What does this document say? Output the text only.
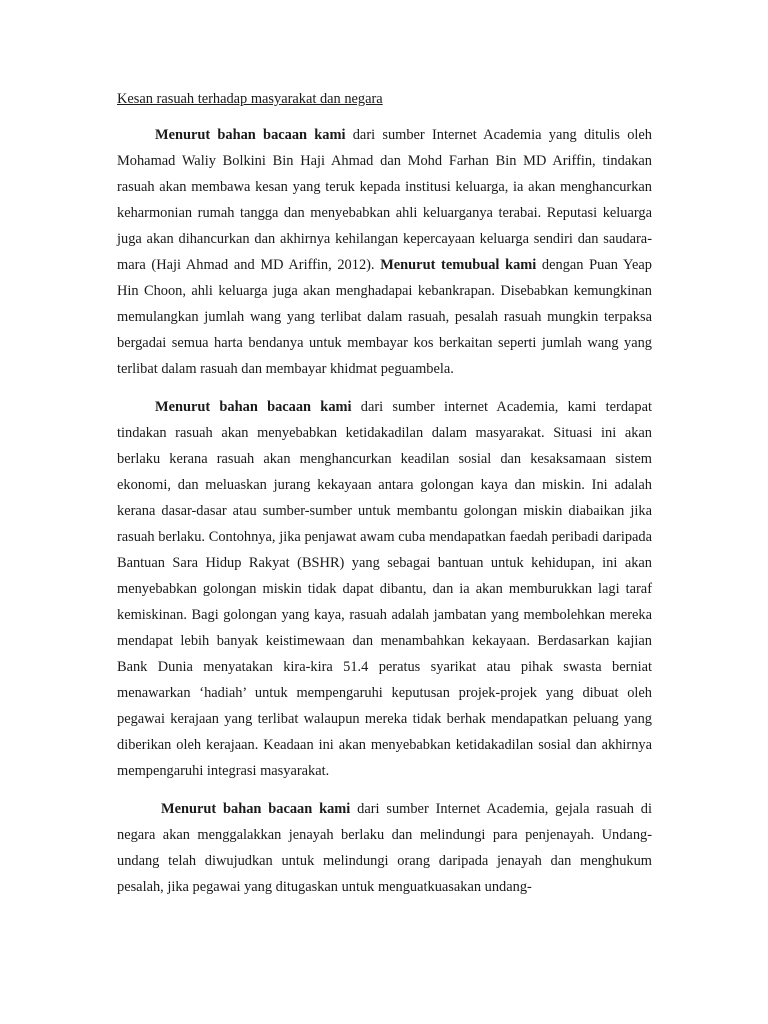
Kesan rasuah terhadap masyarakat dan negara

Menurut bahan bacaan kami dari sumber Internet Academia yang ditulis oleh Mohamad Waliy Bolkini Bin Haji Ahmad dan Mohd Farhan Bin MD Ariffin, tindakan rasuah akan membawa kesan yang teruk kepada institusi keluarga, ia akan menghancurkan keharmonian rumah tangga dan menyebabkan ahli keluarganya terabai. Reputasi keluarga juga akan dihancurkan dan akhirnya kehilangan kepercayaan keluarga sendiri dan saudara-mara (Haji Ahmad and MD Ariffin, 2012). Menurut temubual kami dengan Puan Yeap Hin Choon, ahli keluarga juga akan menghadapai kebankrapan. Disebabkan kemungkinan memulangkan jumlah wang yang terlibat dalam rasuah, pesalah rasuah mungkin terpaksa bergadai semua harta bendanya untuk membayar kos berkaitan seperti jumlah wang yang terlibat dalam rasuah dan membayar khidmat peguambela.

Menurut bahan bacaan kami dari sumber internet Academia, kami terdapat tindakan rasuah akan menyebabkan ketidakadilan dalam masyarakat. Situasi ini akan berlaku kerana rasuah akan menghancurkan keadilan sosial dan kesaksamaan sistem ekonomi, dan meluaskan jurang kekayaan antara golongan kaya dan miskin. Ini adalah kerana dasar-dasar atau sumber-sumber untuk membantu golongan miskin diabaikan jika rasuah berlaku. Contohnya, jika penjawat awam cuba mendapatkan faedah peribadi daripada Bantuan Sara Hidup Rakyat (BSHR) yang sebagai bantuan untuk kehidupan, ini akan menyebabkan golongan miskin tidak dapat dibantu, dan ia akan memburukkan lagi taraf kemiskinan. Bagi golongan yang kaya, rasuah adalah jambatan yang membolehkan mereka mendapat lebih banyak keistimewaan dan menambahkan kekayaan. Berdasarkan kajian Bank Dunia menyatakan kira-kira 51.4 peratus syarikat atau pihak swasta berniat menawarkan ‘hadiah’ untuk mempengaruhi keputusan projek-projek yang dibuat oleh pegawai kerajaan yang terlibat walaupun mereka tidak berhak mendapatkan peluang yang diberikan oleh kerajaan. Keadaan ini akan menyebabkan ketidakadilan sosial dan akhirnya mempengaruhi integrasi masyarakat.

Menurut bahan bacaan kami dari sumber Internet Academia, gejala rasuah di negara akan menggalakkan jenayah berlaku dan melindungi para penjenayah. Undang-undang telah diwujudkan untuk melindungi orang daripada jenayah dan menghukum pesalah, jika pegawai yang ditugaskan untuk menguatkuasakan undang-
